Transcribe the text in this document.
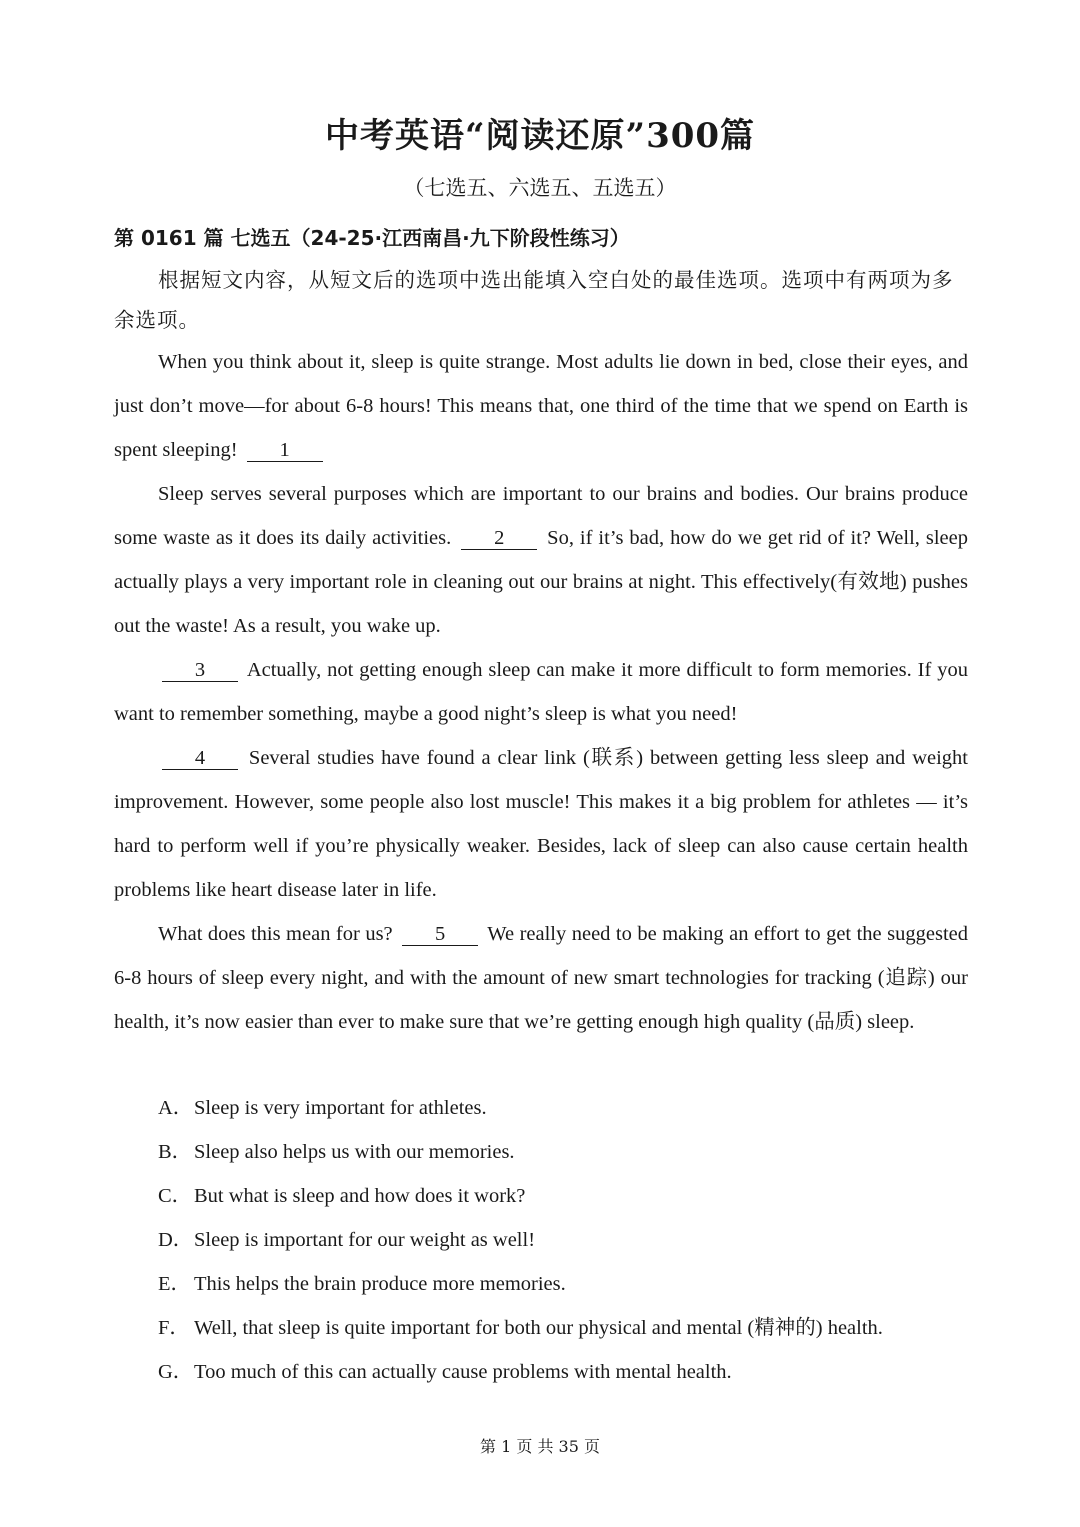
中考英语“阅读还原”300篇
（七选五、六选五、五选五）
第 0161 篇 七选五（24-25·江西南昌·九下阶段性练习）
根据短文内容，从短文后的选项中选出能填入空白处的最佳选项。选项中有两项为多余选项。

When you think about it, sleep is quite strange. Most adults lie down in bed, close their eyes, and just don’t move—for about 6-8 hours! This means that, one third of the time that we spend on Earth is spent sleeping! 1

Sleep serves several purposes which are important to our brains and bodies. Our brains produce some waste as it does its daily activities. 2 So, if it’s bad, how do we get rid of it? Well, sleep actually plays a very important role in cleaning out our brains at night. This effectively(有效地) pushes out the waste! As a result, you wake up.

3 Actually, not getting enough sleep can make it more difficult to form memories. If you want to remember something, maybe a good night’s sleep is what you need!

4 Several studies have found a clear link (联系) between getting less sleep and weight improvement. However, some people also lost muscle! This makes it a big problem for athletes — it’s hard to perform well if you’re physically weaker. Besides, lack of sleep can also cause certain health problems like heart disease later in life.

What does this mean for us? 5 We really need to be making an effort to get the suggested 6-8 hours of sleep every night, and with the amount of new smart technologies for tracking (追踪) our health, it’s now easier than ever to make sure that we’re getting enough high quality (品质) sleep.

A． Sleep is very important for athletes.
B． Sleep also helps us with our memories.
C． But what is sleep and how does it work?
D． Sleep is important for our weight as well!
E． This helps the brain produce more memories.
F． Well, that sleep is quite important for both our physical and mental (精神的) health.
G． Too much of this can actually cause problems with mental health.
第 1 页 共 35 页
